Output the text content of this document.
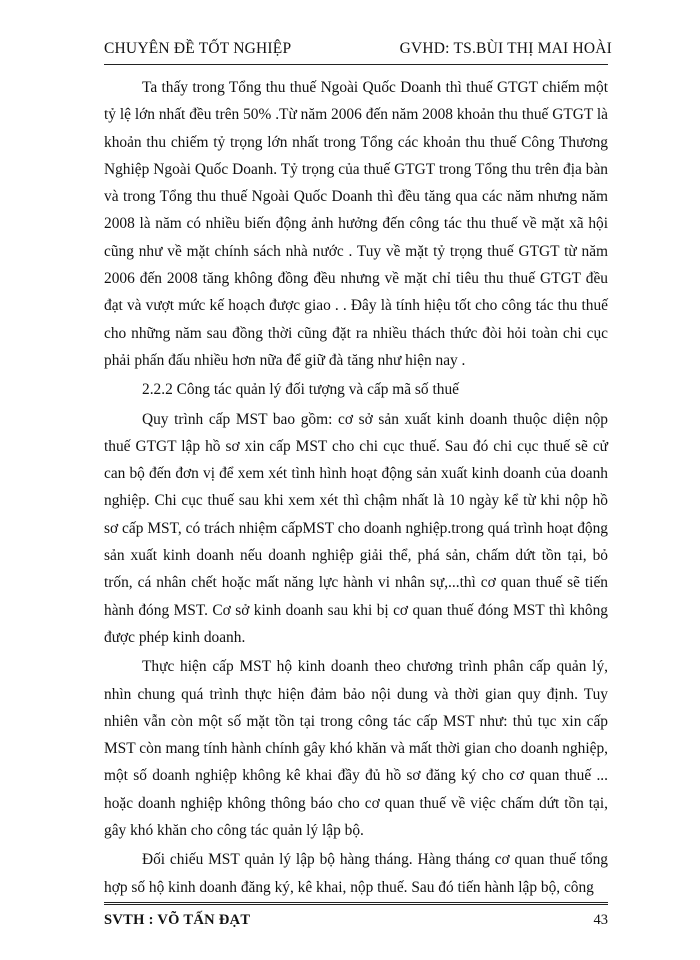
CHUYÊN ĐỀ TỐT NGHIỆP	GVHD: TS.BÙI THỊ MAI HOÀI

Ta thấy trong Tổng thu thuế Ngoài Quốc Doanh thì thuế GTGT chiếm một tỷ lệ lớn nhất đều trên 50% .Từ năm 2006 đến năm 2008 khoản thu thuế GTGT là khoản thu chiếm tỷ trọng lớn nhất trong Tổng các khoản thu thuế Công Thương Nghiệp Ngoài Quốc Doanh. Tỷ trọng của thuế GTGT trong Tổng thu trên địa bàn và trong Tổng thu thuế Ngoài Quốc Doanh thì đều tăng qua các năm nhưng năm 2008 là năm có nhiều biến động ảnh hưởng đến công tác thu thuế về mặt xã hội cũng như về mặt chính sách nhà nước . Tuy về mặt tỷ trọng thuế GTGT từ năm 2006 đến 2008 tăng không đồng đều nhưng về mặt chỉ tiêu thu thuế GTGT đều đạt và vượt mức kế hoạch được giao . . Đây là tính hiệu tốt cho công tác thu thuế cho những năm sau đồng thời cũng đặt ra nhiều thách thức đòi hỏi toàn chi cục phải phấn đấu nhiều hơn nữa để giữ đà tăng như hiện nay .

2.2.2 Công tác quản lý đối tượng và cấp mã số thuế

Quy trình cấp MST bao gồm: cơ sở sản xuất kinh doanh thuộc diện nộp thuế GTGT lập hồ sơ xin cấp MST cho chi cục thuế. Sau đó chi cục thuế sẽ cử can bộ đến đơn vị để xem xét tình hình hoạt động sản xuất kinh doanh của doanh nghiệp. Chi cục thuế sau khi xem xét thì chậm nhất là 10 ngày kể từ khi nộp hồ sơ cấp MST, có trách nhiệm cấpMST cho doanh nghiệp.trong quá trình hoạt động sản xuất kinh doanh nếu doanh nghiệp giải thể, phá sản, chấm dứt tồn tại, bỏ trốn, cá nhân chết hoặc mất năng lực hành vi nhân sự,...thì cơ quan thuế sẽ tiến hành đóng MST. Cơ sở kinh doanh sau khi bị cơ quan thuế đóng MST thì không được phép kinh doanh.

Thực hiện cấp MST hộ kinh doanh theo chương trình phân cấp quản lý, nhìn chung quá trình thực hiện đảm bảo nội dung và thời gian quy định. Tuy nhiên vẫn còn một số mặt tồn tại trong công tác cấp MST như: thủ tục xin cấp MST còn mang tính hành chính gây khó khăn và mất thời gian cho doanh nghiệp, một số doanh nghiệp không kê khai đầy đủ hồ sơ đăng ký cho cơ quan thuế ... hoặc doanh nghiệp không thông báo cho cơ quan thuế về việc chấm dứt tồn tại, gây khó khăn cho công tác quản lý lập bộ.

Đối chiếu MST quản lý lập bộ hàng tháng. Hàng tháng cơ quan thuế tổng hợp số hộ kinh doanh đăng ký, kê khai, nộp thuế. Sau đó tiến hành lập bộ, công

SVTH : VÕ TẤN ĐẠT	43
